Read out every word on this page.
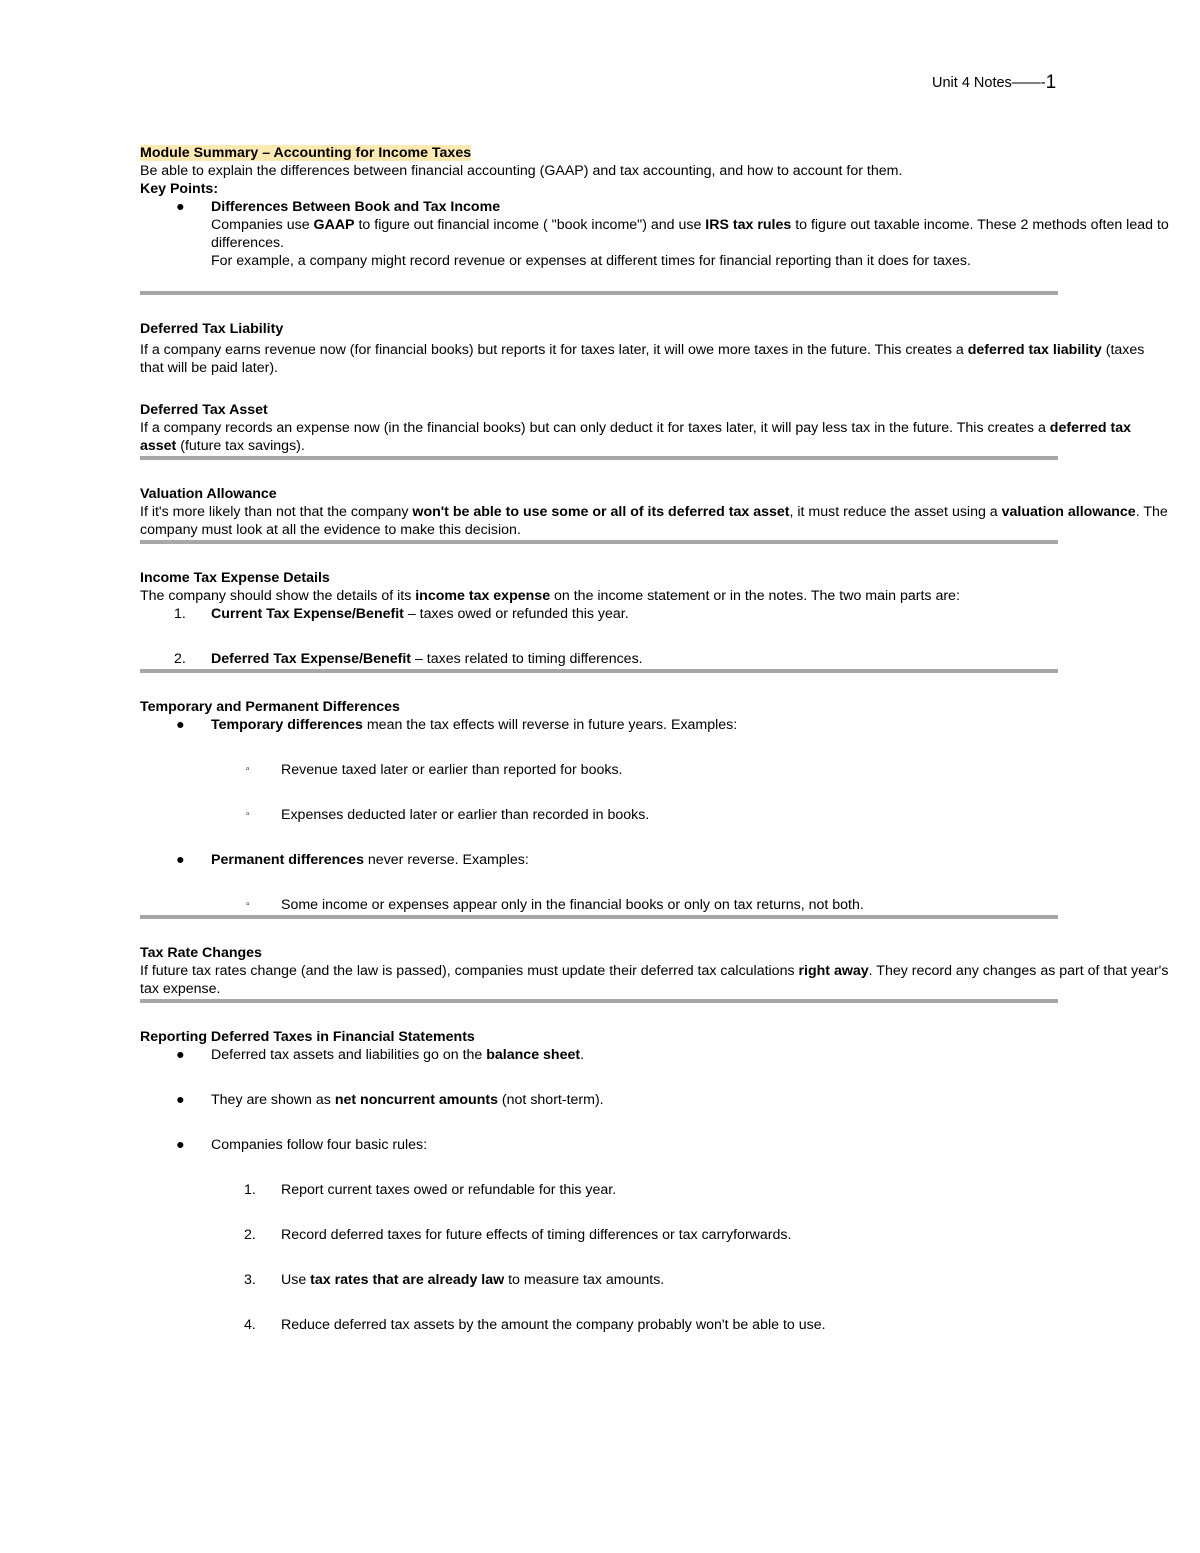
Unit 4 Notes——-1

Module Summary – Accounting for Income Taxes

Be able to explain the differences between financial accounting (GAAP) and tax accounting, and how to account for them.

Key Points:

● Differences Between Book and Tax Income

Companies use GAAP to figure out financial income ( "book income") and use IRS tax rules to figure out taxable income. These 2 methods often lead to differences.

For example, a company might record revenue or expenses at different times for financial reporting than it does for taxes.

Deferred Tax Liability

If a company earns revenue now (for financial books) but reports it for taxes later, it will owe more taxes in the future. This creates a deferred tax liability (taxes that will be paid later).

Deferred Tax Asset

If a company records an expense now (in the financial books) but can only deduct it for taxes later, it will pay less tax in the future. This creates a deferred tax asset (future tax savings).

Valuation Allowance

If it's more likely than not that the company won't be able to use some or all of its deferred tax asset, it must reduce the asset using a valuation allowance. The company must look at all the evidence to make this decision.

Income Tax Expense Details

The company should show the details of its income tax expense on the income statement or in the notes. The two main parts are:

1. Current Tax Expense/Benefit – taxes owed or refunded this year.

2. Deferred Tax Expense/Benefit – taxes related to timing differences.

Temporary and Permanent Differences

● Temporary differences mean the tax effects will reverse in future years. Examples:

▫ Revenue taxed later or earlier than reported for books.

▫ Expenses deducted later or earlier than recorded in books.

● Permanent differences never reverse. Examples:

▫ Some income or expenses appear only in the financial books or only on tax returns, not both.

Tax Rate Changes

If future tax rates change (and the law is passed), companies must update their deferred tax calculations right away. They record any changes as part of that year's tax expense.

Reporting Deferred Taxes in Financial Statements

● Deferred tax assets and liabilities go on the balance sheet.

● They are shown as net noncurrent amounts (not short-term).

● Companies follow four basic rules:

1. Report current taxes owed or refundable for this year.

2. Record deferred taxes for future effects of timing differences or tax carryforwards.

3. Use tax rates that are already law to measure tax amounts.

4. Reduce deferred tax assets by the amount the company probably won't be able to use.
